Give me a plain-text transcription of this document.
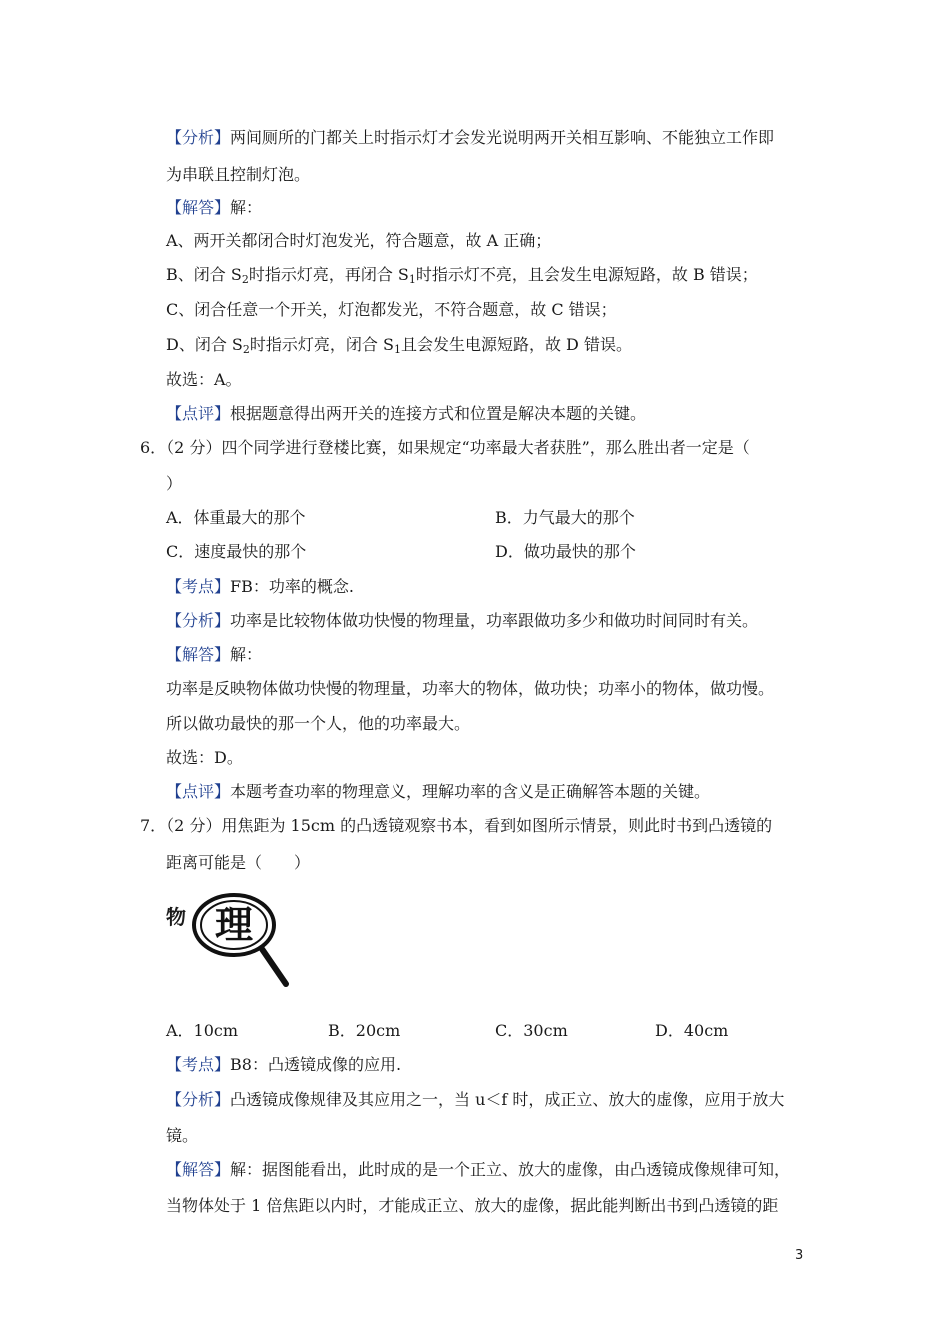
【分析】两间厕所的门都关上时指示灯才会发光说明两开关相互影响、不能独立工作即
为串联且控制灯泡。
【解答】解：
A、两开关都闭合时灯泡发光，符合题意，故 A 正确；
B、闭合 $S_2$时指示灯亮，再闭合 $S_1$时指示灯不亮，且会发生电源短路，故 B 错误；
C、闭合任意一个开关，灯泡都发光，不符合题意，故 C 错误；
D、闭合 $S_2$时指示灯亮，闭合 $S_1$且会发生电源短路，故 D 错误。
故选：A。
【点评】根据题意得出两开关的连接方式和位置是解决本题的关键。
6．（2 分）四个同学进行登楼比赛，如果规定“功率最大者获胜”，那么胜出者一定是（
）
A．体重最大的那个	B．力气最大的那个
C．速度最快的那个	D．做功最快的那个
【考点】FB：功率的概念.
【分析】功率是比较物体做功快慢的物理量，功率跟做功多少和做功时间同时有关。
【解答】解：
功率是反映物体做功快慢的物理量，功率大的物体，做功快；功率小的物体，做功慢。
所以做功最快的那一个人，他的功率最大。
故选：D。
【点评】本题考查功率的物理意义，理解功率的含义是正确解答本题的关键。
7．（2 分）用焦距为 15cm 的凸透镜观察书本，看到如图所示情景，则此时书到凸透镜的
距离可能是（　　）
物 理
A．10cm	B．20cm	C．30cm	D．40cm
【考点】B8：凸透镜成像的应用.
【分析】凸透镜成像规律及其应用之一，当 u＜f 时，成正立、放大的虚像，应用于放大
镜。
【解答】解：据图能看出，此时成的是一个正立、放大的虚像，由凸透镜成像规律可知，
当物体处于 1 倍焦距以内时，才能成正立、放大的虚像，据此能判断出书到凸透镜的距
3
